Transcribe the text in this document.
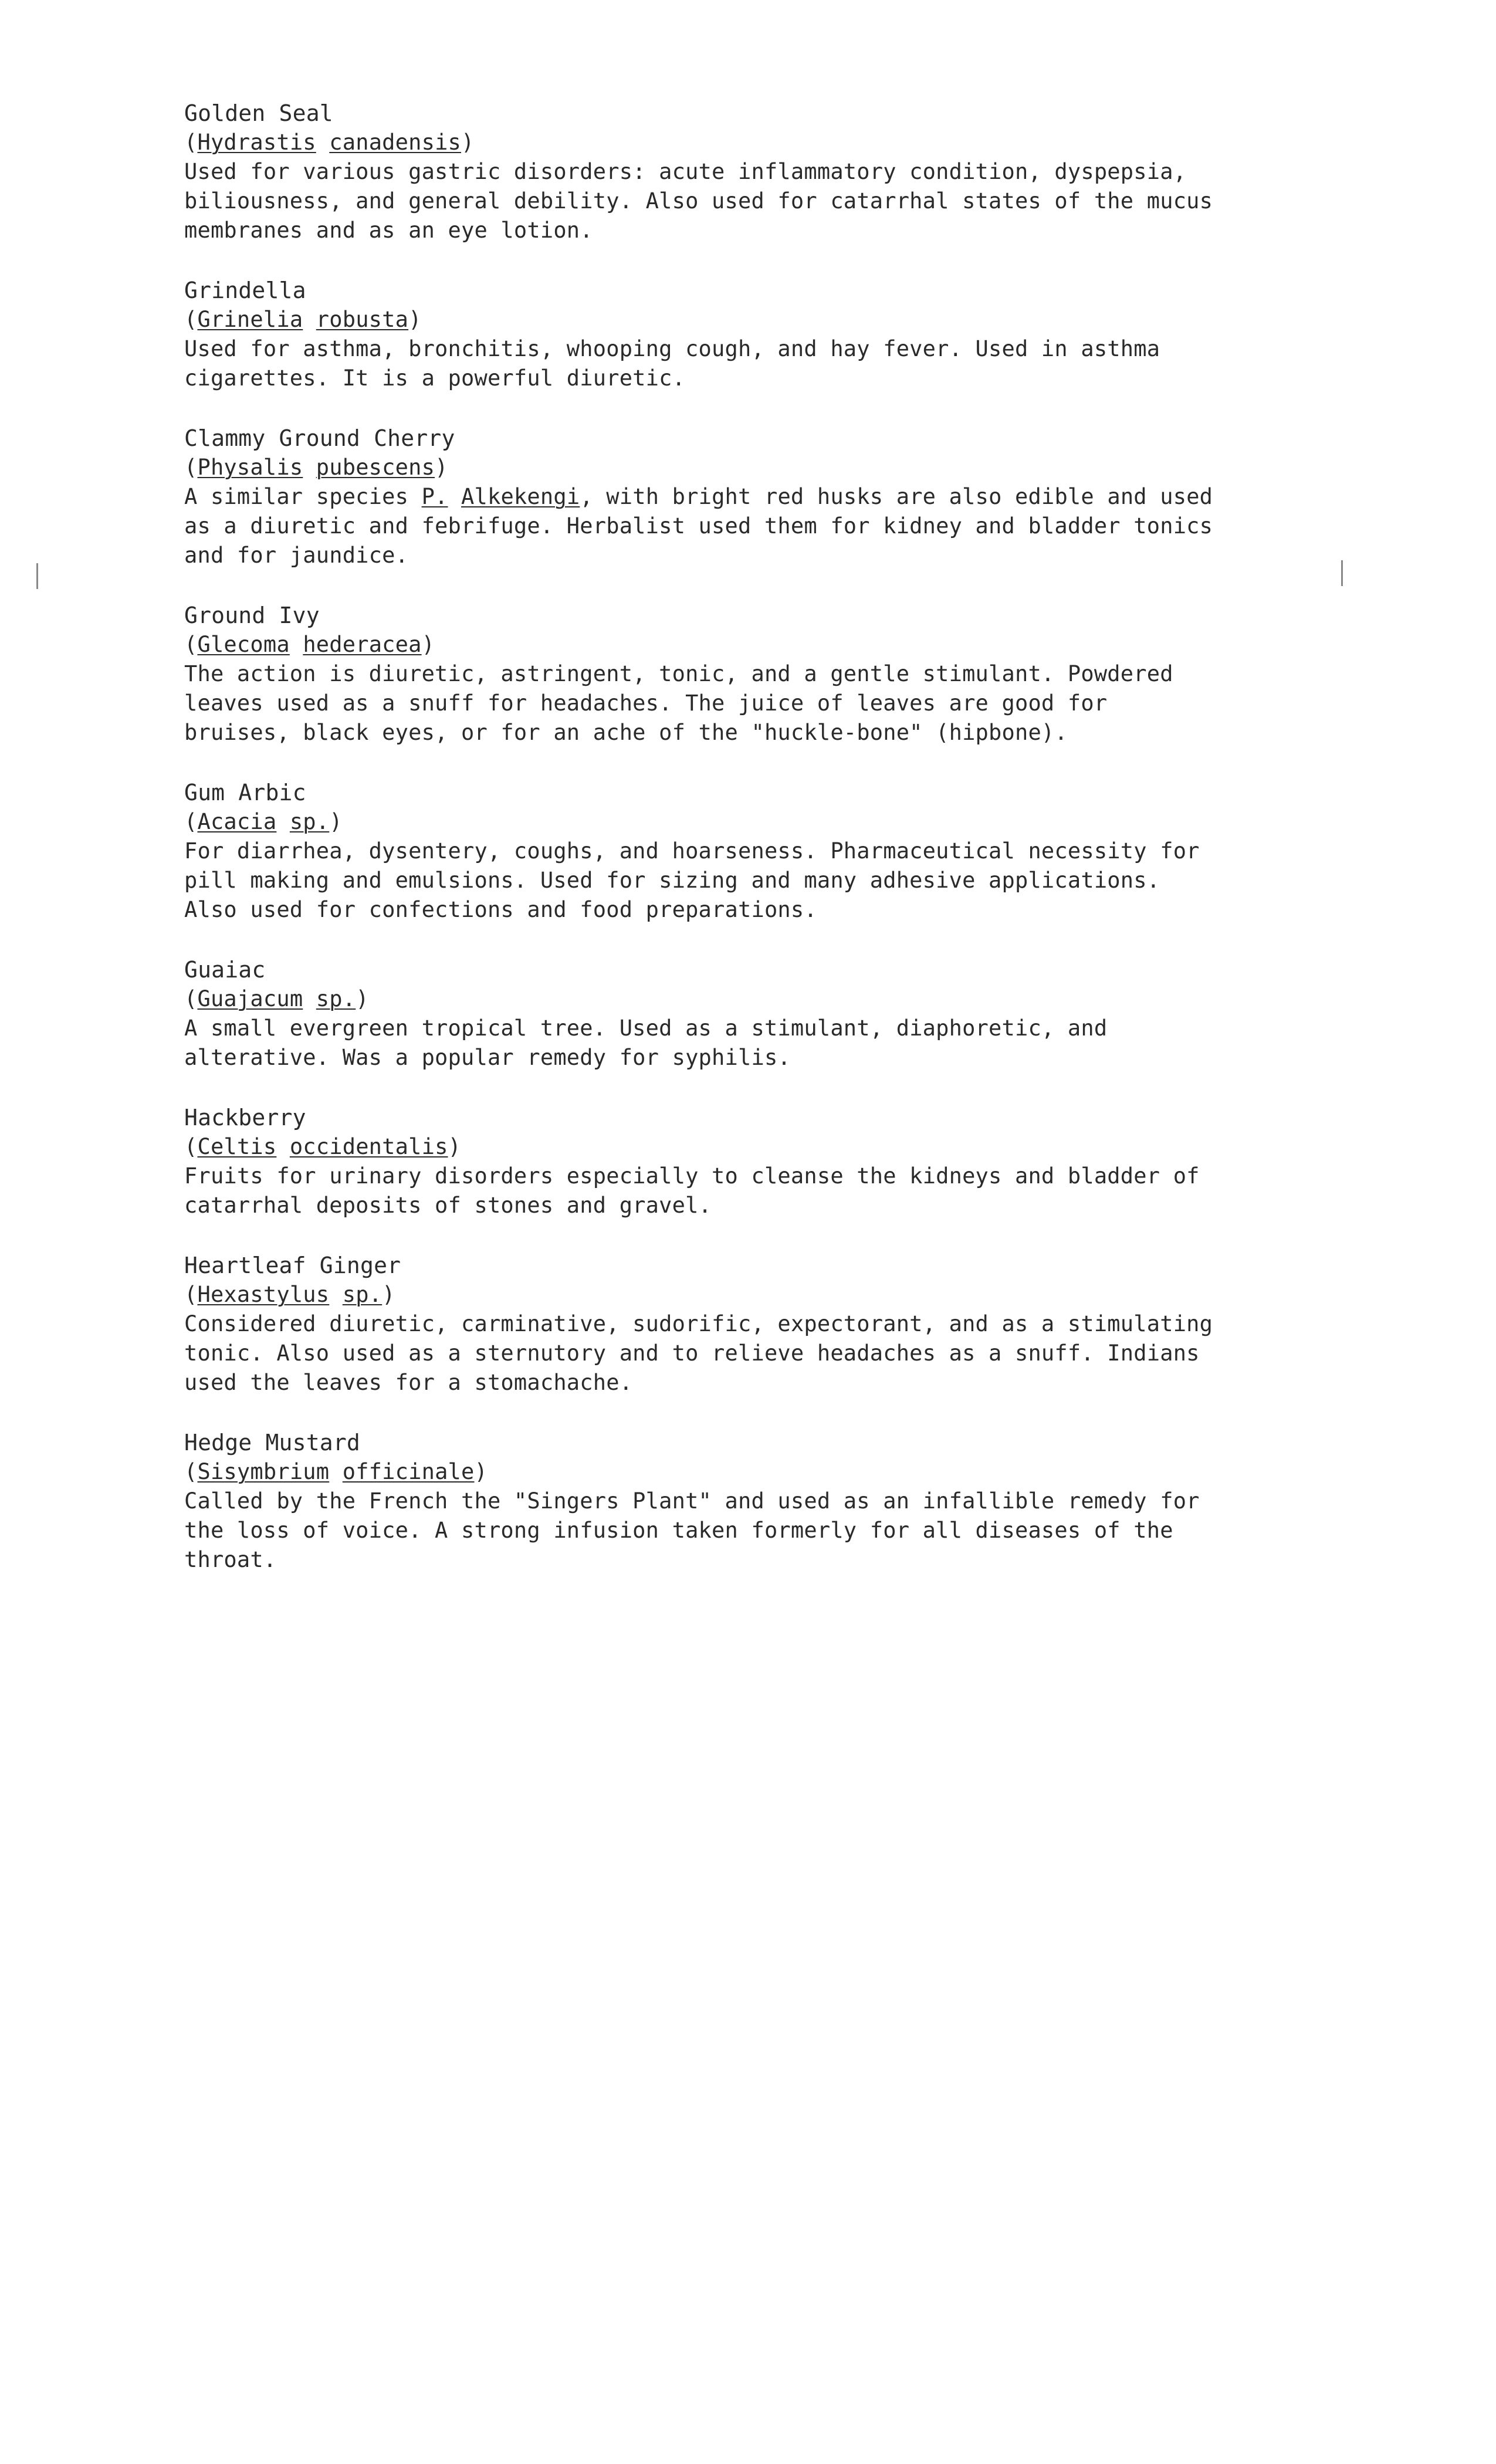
Golden Seal
(Hydrastis canadensis)
Used for various gastric disorders: acute inflammatory condition, dyspepsia,
biliousness, and general debility. Also used for catarrhal states of the mucus
membranes and as an eye lotion.
Grindella
(Grinelia robusta)
Used for asthma, bronchitis, whooping cough, and hay fever. Used in asthma
cigarettes. It is a powerful diuretic.
Clammy Ground Cherry
(Physalis pubescens)
A similar species P. Alkekengi, with bright red husks are also edible and used
as a diuretic and febrifuge. Herbalist used them for kidney and bladder tonics
and for jaundice.
Ground Ivy
(Glecoma hederacea)
The action is diuretic, astringent, tonic, and a gentle stimulant. Powdered
leaves used as a snuff for headaches. The juice of leaves are good for
bruises, black eyes, or for an ache of the "huckle-bone" (hipbone).
Gum Arbic
(Acacia sp.)
For diarrhea, dysentery, coughs, and hoarseness. Pharmaceutical necessity for
pill making and emulsions. Used for sizing and many adhesive applications.
Also used for confections and food preparations.
Guaiac
(Guajacum sp.)
A small evergreen tropical tree. Used as a stimulant, diaphoretic, and
alterative. Was a popular remedy for syphilis.
Hackberry
(Celtis occidentalis)
Fruits for urinary disorders especially to cleanse the kidneys and bladder of
catarrhal deposits of stones and gravel.
Heartleaf Ginger
(Hexastylus sp.)
Considered diuretic, carminative, sudorific, expectorant, and as a stimulating
tonic. Also used as a sternutory and to relieve headaches as a snuff. Indians
used the leaves for a stomachache.
Hedge Mustard
(Sisymbrium officinale)
Called by the French the "Singers Plant" and used as an infallible remedy for
the loss of voice. A strong infusion taken formerly for all diseases of the
throat.
